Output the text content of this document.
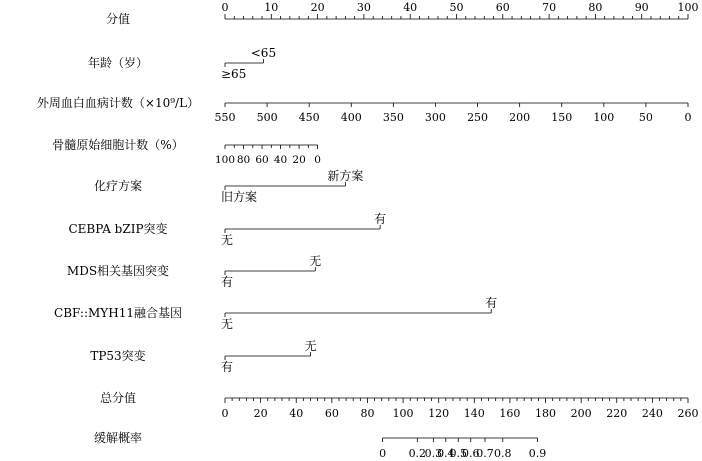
分值
0	10	20	30	40	50	60	70	80	90	100
年龄（岁）
<65
≥65
外周血白血病计数（×10⁹/L）
550 500 450 400 350 300 250 200 150 100 50	0
骨髓原始细胞计数（%）
100 80 60 40 20 0
化疗方案
新方案
旧方案
CEBPA bZIP突变
有
无
MDS相关基因突变
无
有
CBF::MYH11融合基因
有
无
TP53突变
无
有
总分值
0 20 40 60 80 100 120 140 160 180 200 220 240 260
缓解概率
0 0.2
0.3
0.4
0.5
0.6
0.7 0.8 0.9
